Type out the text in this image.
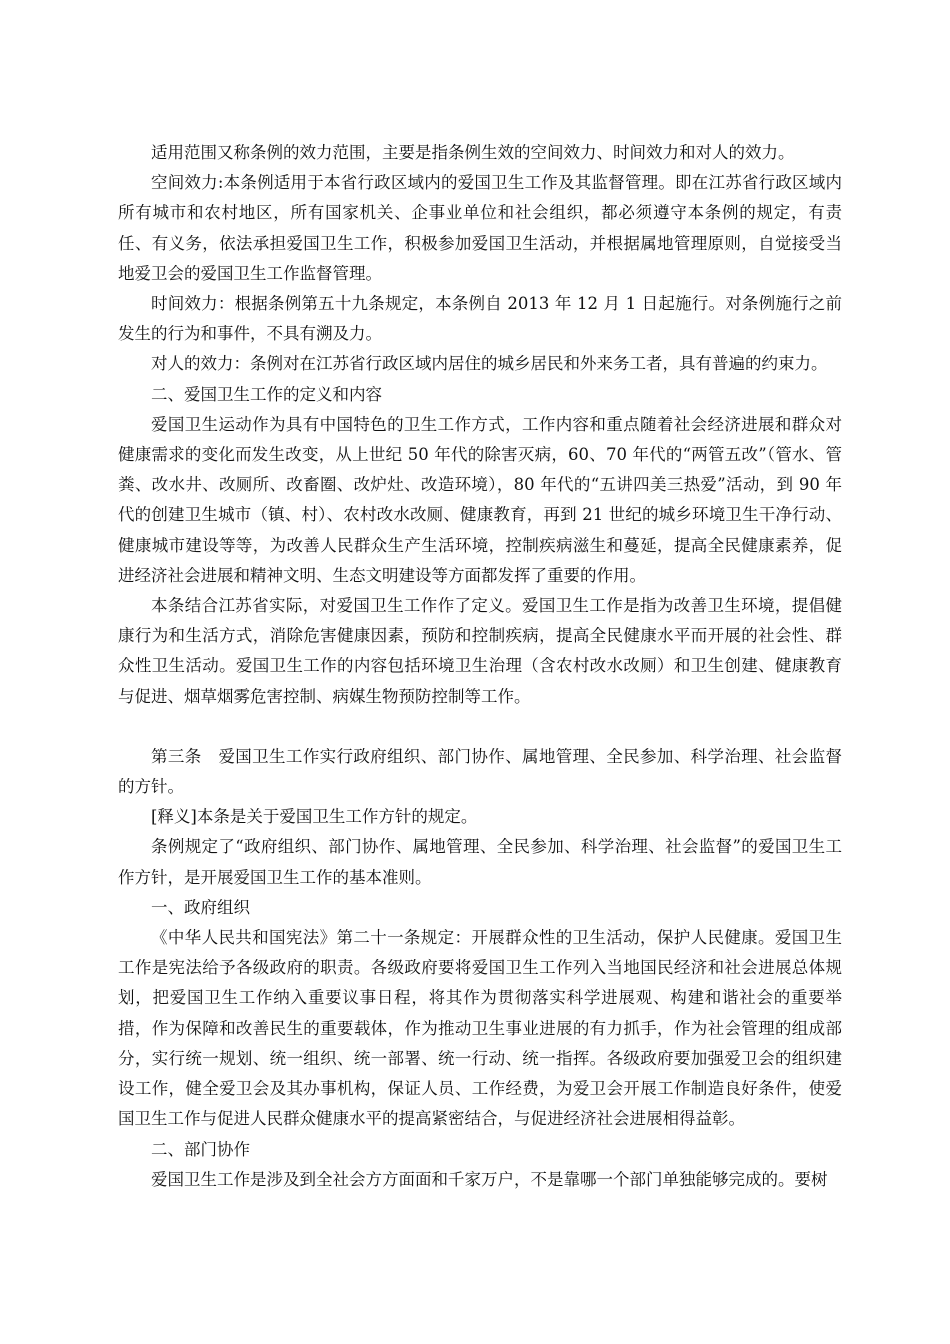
适用范围又称条例的效力范围，主要是指条例生效的空间效力、时间效力和对人的效力。

空间效力:本条例适用于本省行政区域内的爱国卫生工作及其监督管理。即在江苏省行政区域内所有城市和农村地区，所有国家机关、企事业单位和社会组织，都必须遵守本条例的规定，有责任、有义务，依法承担爱国卫生工作，积极参加爱国卫生活动，并根据属地管理原则，自觉接受当地爱卫会的爱国卫生工作监督管理。

时间效力：根据条例第五十九条规定，本条例自 2013 年 12 月 1 日起施行。对条例施行之前发生的行为和事件，不具有溯及力。

对人的效力：条例对在江苏省行政区域内居住的城乡居民和外来务工者，具有普遍的约束力。

二、爱国卫生工作的定义和内容

爱国卫生运动作为具有中国特色的卫生工作方式，工作内容和重点随着社会经济进展和群众对健康需求的变化而发生改变，从上世纪 50 年代的除害灭病，60、70 年代的“两管五改”（管水、管粪、改水井、改厕所、改畜圈、改炉灶、改造环境），80 年代的“五讲四美三热爱”活动，到 90 年代的创建卫生城市（镇、村）、农村改水改厕、健康教育，再到 21 世纪的城乡环境卫生干净行动、健康城市建设等等，为改善人民群众生产生活环境，控制疾病滋生和蔓延，提高全民健康素养，促进经济社会进展和精神文明、生态文明建设等方面都发挥了重要的作用。

本条结合江苏省实际，对爱国卫生工作作了定义。爱国卫生工作是指为改善卫生环境，提倡健康行为和生活方式，消除危害健康因素，预防和控制疾病，提高全民健康水平而开展的社会性、群众性卫生活动。爱国卫生工作的内容包括环境卫生治理（含农村改水改厕）和卫生创建、健康教育与促进、烟草烟雾危害控制、病媒生物预防控制等工作。

第三条　爱国卫生工作实行政府组织、部门协作、属地管理、全民参加、科学治理、社会监督的方针。

[释义]本条是关于爱国卫生工作方针的规定。

条例规定了“政府组织、部门协作、属地管理、全民参加、科学治理、社会监督”的爱国卫生工作方针，是开展爱国卫生工作的基本准则。

一、政府组织

《中华人民共和国宪法》第二十一条规定：开展群众性的卫生活动，保护人民健康。爱国卫生工作是宪法给予各级政府的职责。各级政府要将爱国卫生工作列入当地国民经济和社会进展总体规划，把爱国卫生工作纳入重要议事日程，将其作为贯彻落实科学进展观、构建和谐社会的重要举措，作为保障和改善民生的重要载体，作为推动卫生事业进展的有力抓手，作为社会管理的组成部分，实行统一规划、统一组织、统一部署、统一行动、统一指挥。各级政府要加强爱卫会的组织建设工作，健全爱卫会及其办事机构，保证人员、工作经费，为爱卫会开展工作制造良好条件，使爱国卫生工作与促进人民群众健康水平的提高紧密结合，与促进经济社会进展相得益彰。

二、部门协作

爱国卫生工作是涉及到全社会方方面面和千家万户，不是靠哪一个部门单独能够完成的。要树
